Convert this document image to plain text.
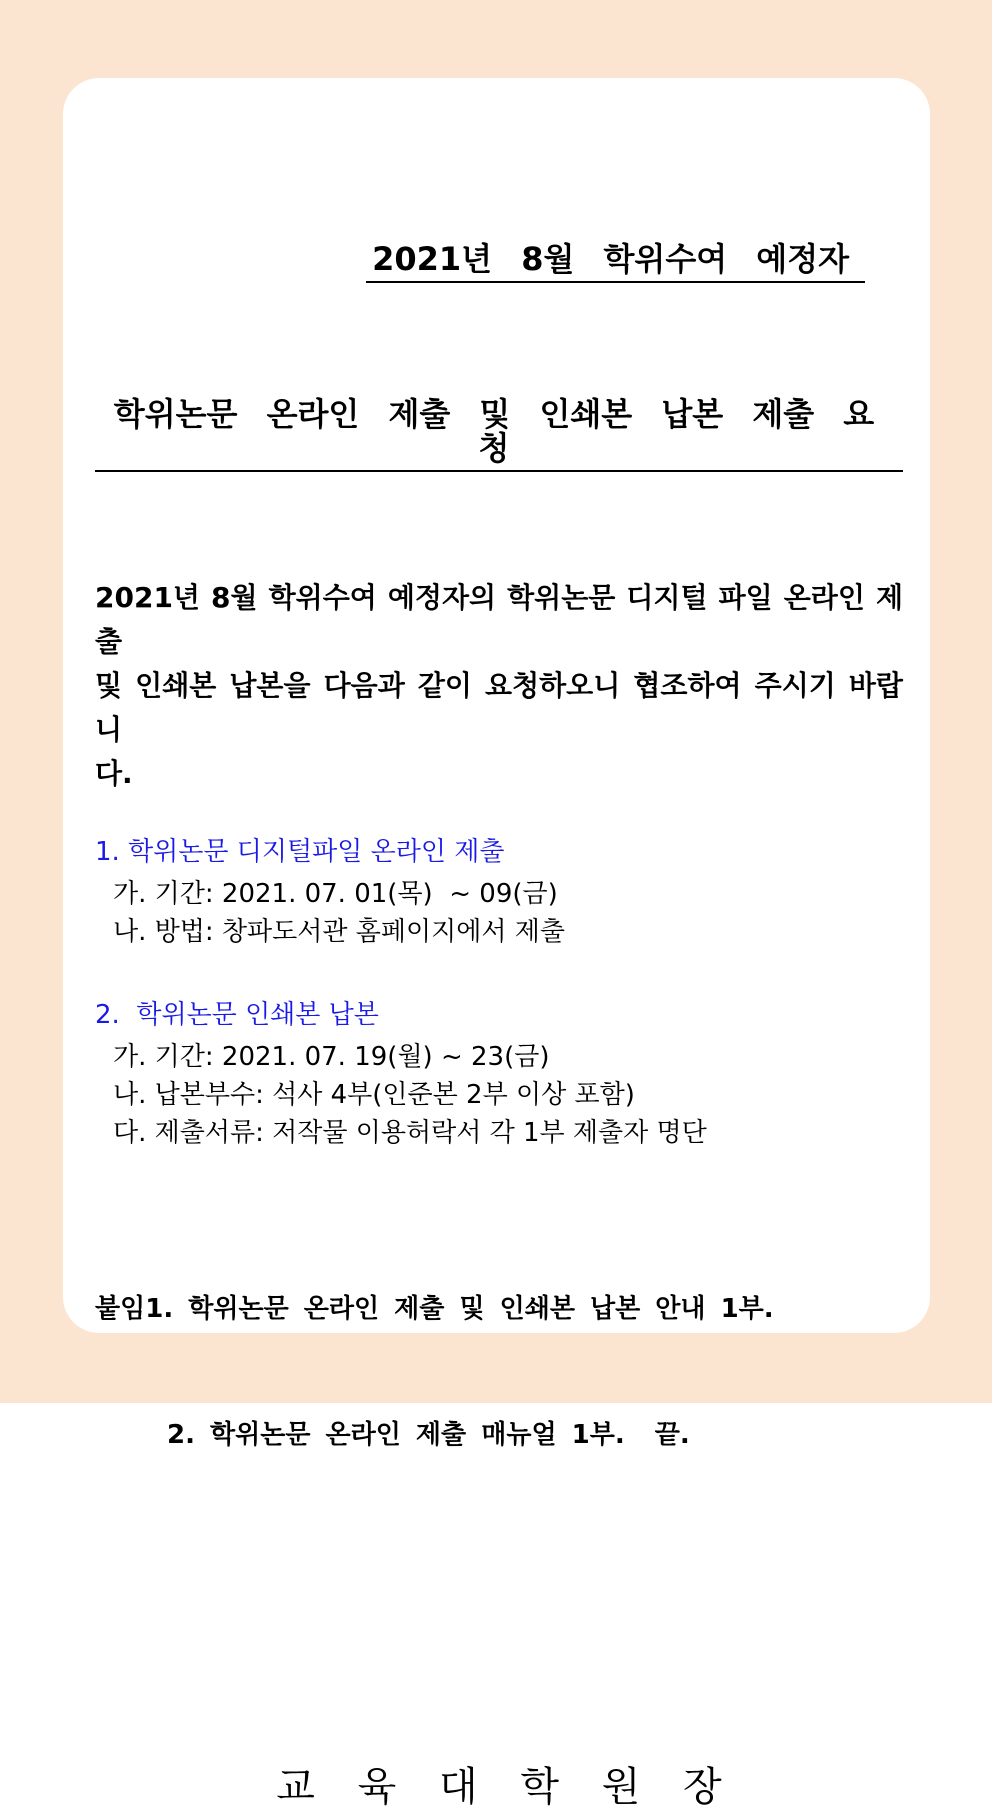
2021년 8월 학위수여 예정자

학위논문 온라인 제출 및 인쇄본 납본 제출 요청

2021년 8월 학위수여 예정자의 학위논문 디지털 파일 온라인 제출
및 인쇄본 납본을 다음과 같이 요청하오니 협조하여 주시기 바랍니
다.
1. 학위논문 디지털파일 온라인 제출
가. 기간: 2021. 07. 01(목)  ~ 09(금)
나. 방법: 창파도서관 홈페이지에서 제출
2.  학위논문 인쇄본 납본
가. 기간: 2021. 07. 19(월) ~ 23(금)
나. 납본부수: 석사 4부(인준본 2부 이상 포함)
다. 제출서류: 저작물 이용허락서 각 1부 제출자 명단

붙임1. 학위논문 온라인 제출 및 인쇄본 납본 안내 1부.

2. 학위논문 온라인 제출 매뉴얼 1부.  끝.

교 육 대 학 원 장
